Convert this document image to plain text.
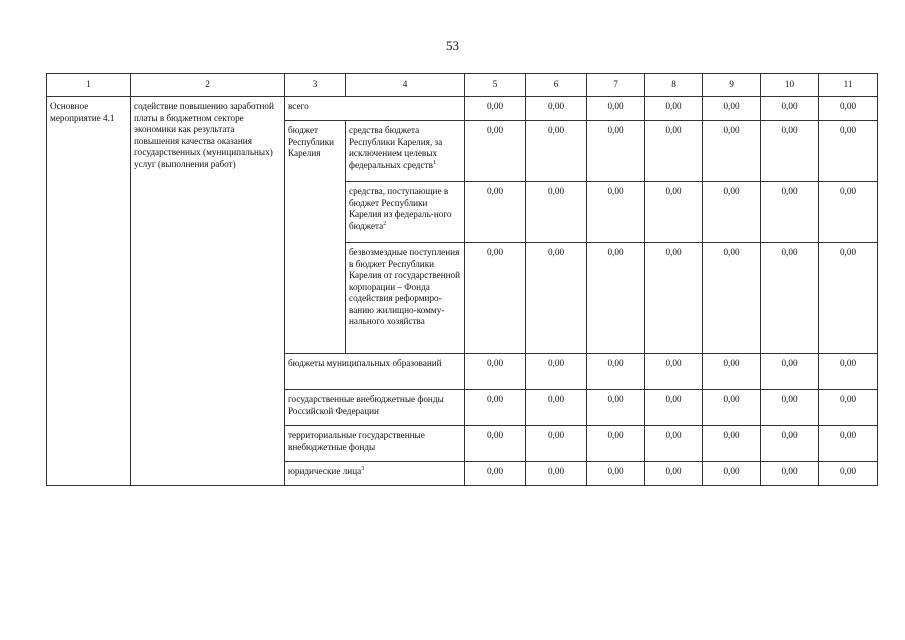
53
1	2	3	4	5	6	7	8	9	10	11
Основное мероприятие 4.1	содействие повышению заработной платы в бюджетном секторе экономики как результата повышения качества оказания государственных (муниципальных) услуг (выполнения работ)	всего		0,00	0,00	0,00	0,00	0,00	0,00	0,00
		бюджет Республики Карелия	средства бюджета Республики Карелия, за исключением целевых федеральных средств$^1$	0,00	0,00	0,00	0,00	0,00	0,00	0,00
			средства, поступающие в бюджет Республики Карелия из федераль-ного бюджета$^2$	0,00	0,00	0,00	0,00	0,00	0,00	0,00
			безвозмездные поступления в бюджет Республики Карелия от государственной корпорации – Фонда содействия реформиро-ванию жилищно-комму-нального хозяйства	0,00	0,00	0,00	0,00	0,00	0,00	0,00
		бюджеты муниципальных образований		0,00	0,00	0,00	0,00	0,00	0,00	0,00
		государственные внебюджетные фонды Российской Федерации		0,00	0,00	0,00	0,00	0,00	0,00	0,00
		территориальные государственные внебюджетные фонды		0,00	0,00	0,00	0,00	0,00	0,00	0,00
		юридические лица$^3$		0,00	0,00	0,00	0,00	0,00	0,00	0,00
